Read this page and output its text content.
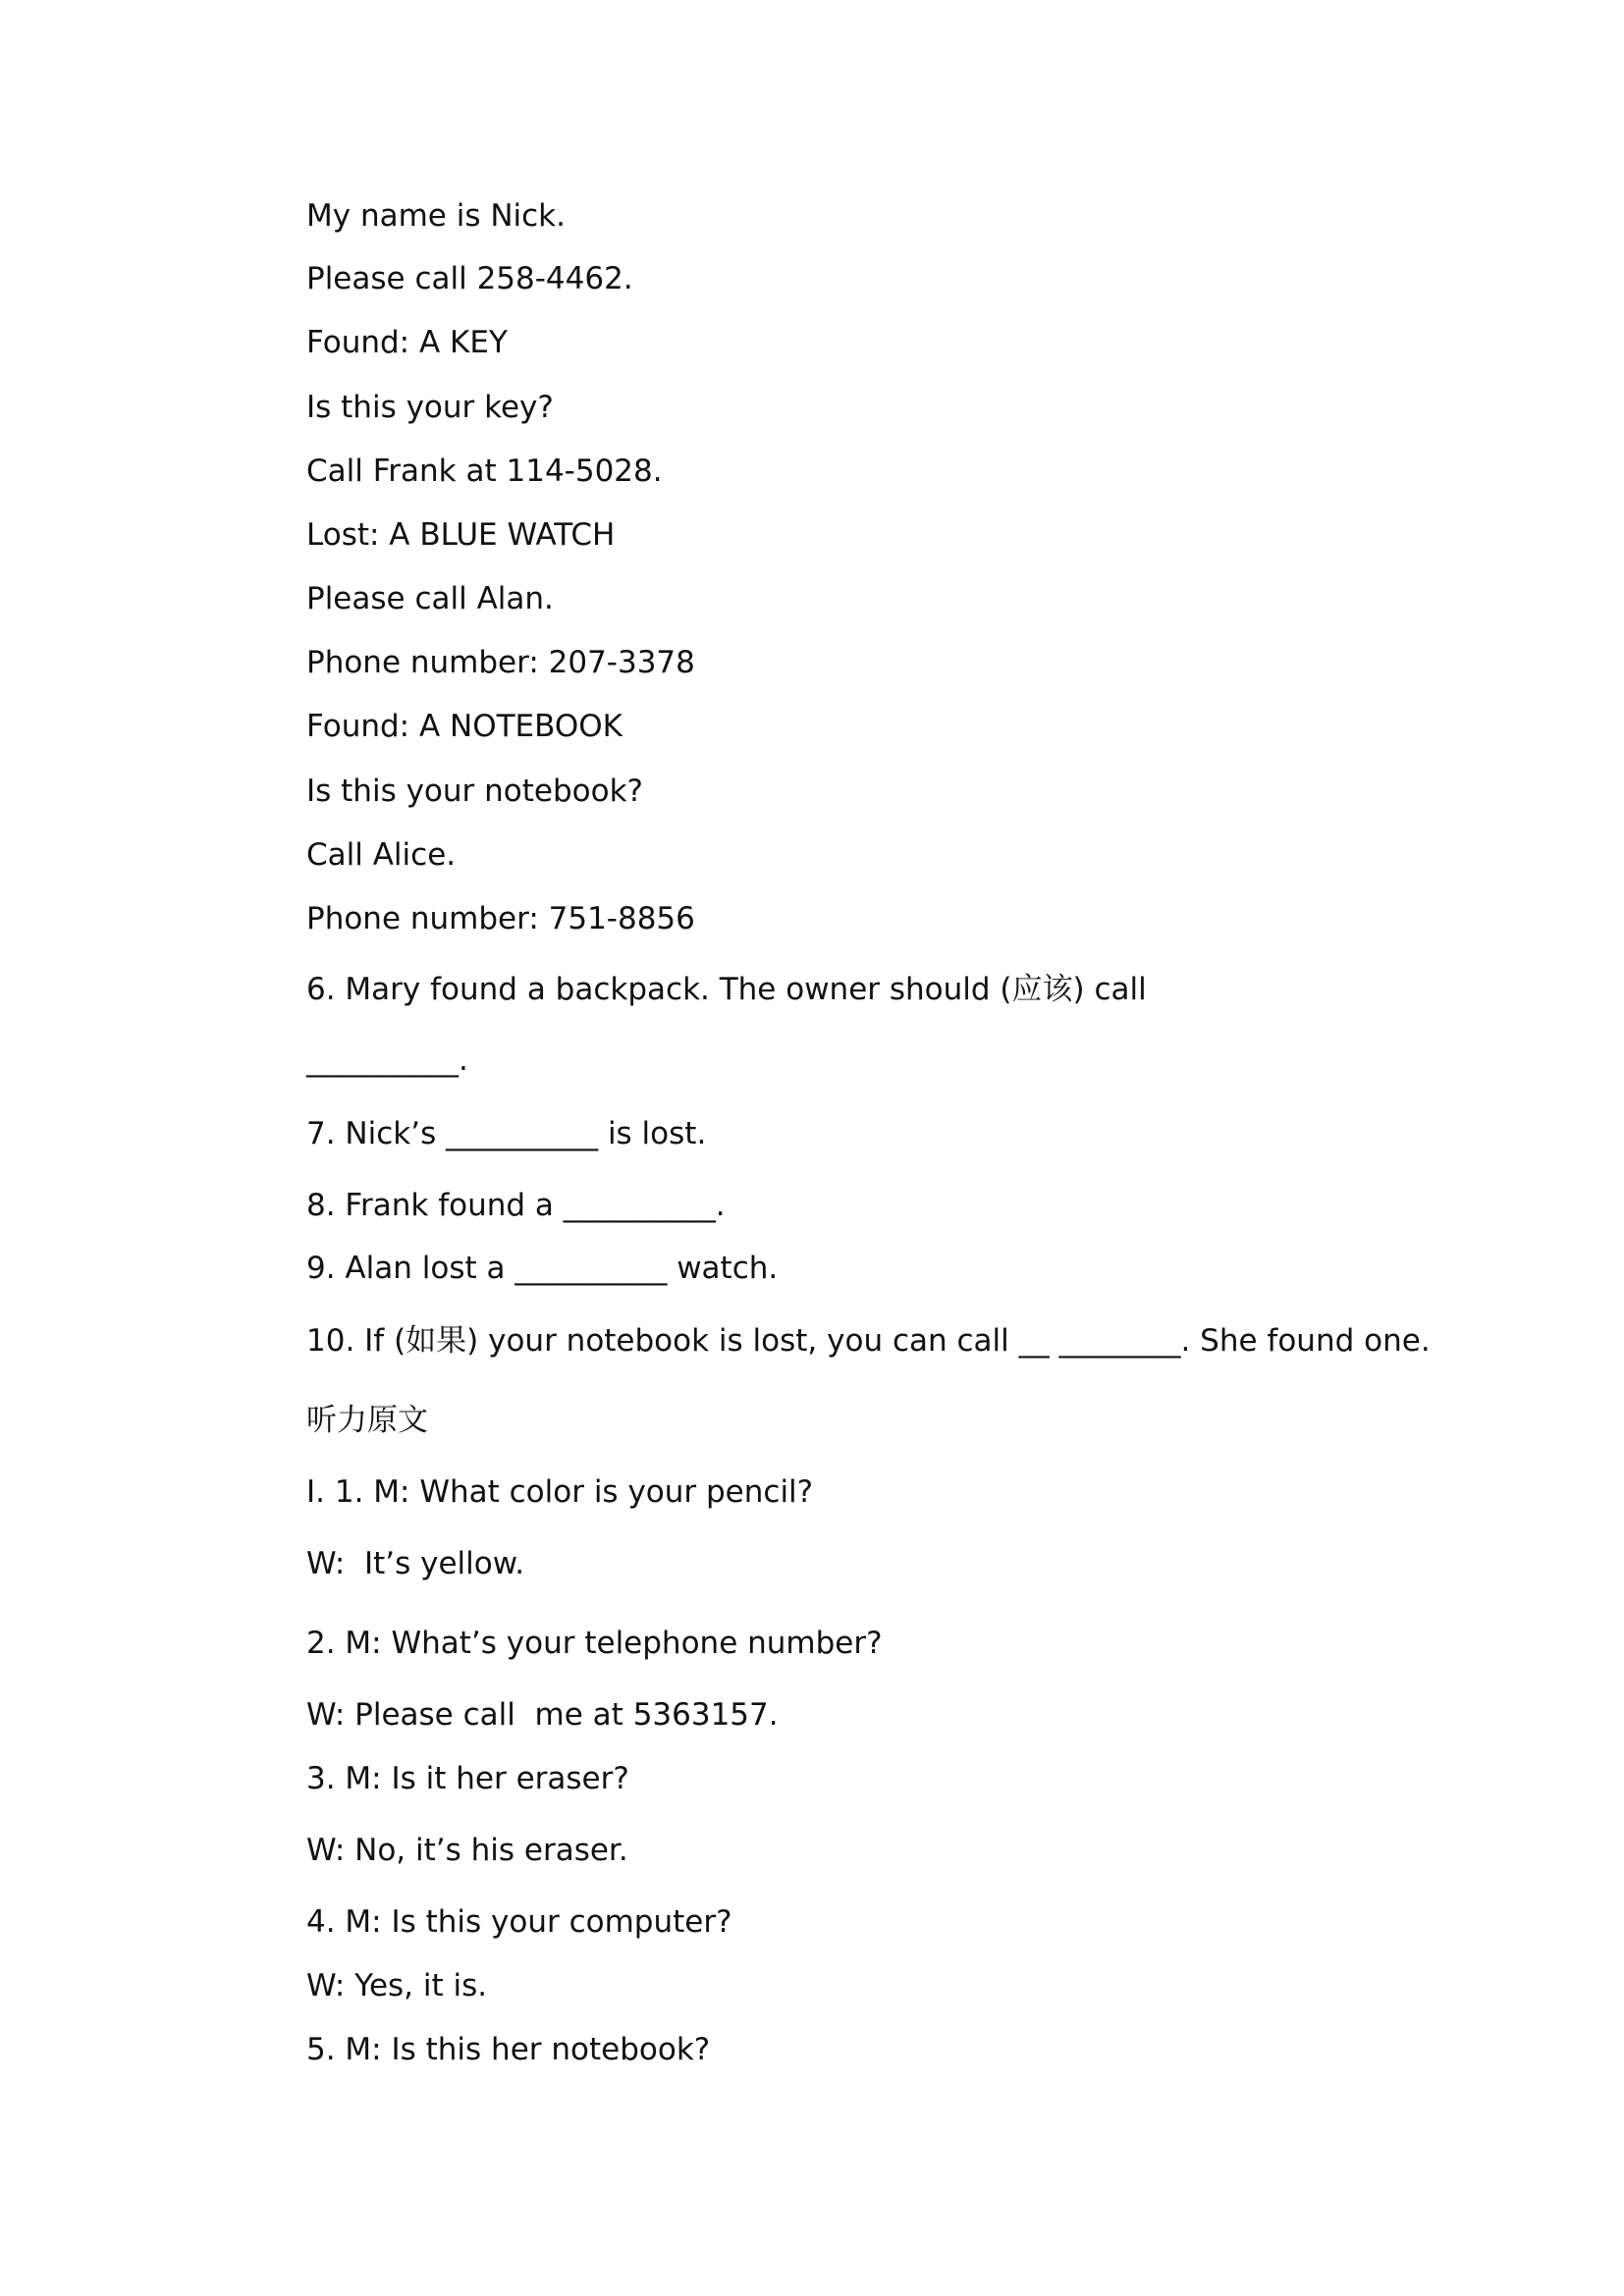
My name is Nick.
Please call 258-4462.
Found: A KEY
Is this your key?
Call Frank at 114-5028.
Lost: A BLUE WATCH
Please call Alan.
Phone number: 207-3378
Found: A NOTEBOOK
Is this your notebook?
Call Alice.
Phone number: 751-8856
6. Mary found a backpack. The owner should (应该) call
__________.
7. Nick’s __________ is lost.
8. Frank found a __________.
9. Alan lost a __________ watch.
10. If (如果) your notebook is lost, you can call __ ________. She found one.
听力原文
I. 1. M: What color is your pencil?
W:  It’s yellow.
2. M: What’s your telephone number?
W: Please call  me at 5363157.
3. M: Is it her eraser?
W: No, it’s his eraser.
4. M: Is this your computer?
W: Yes, it is.
5. M: Is this her notebook?
